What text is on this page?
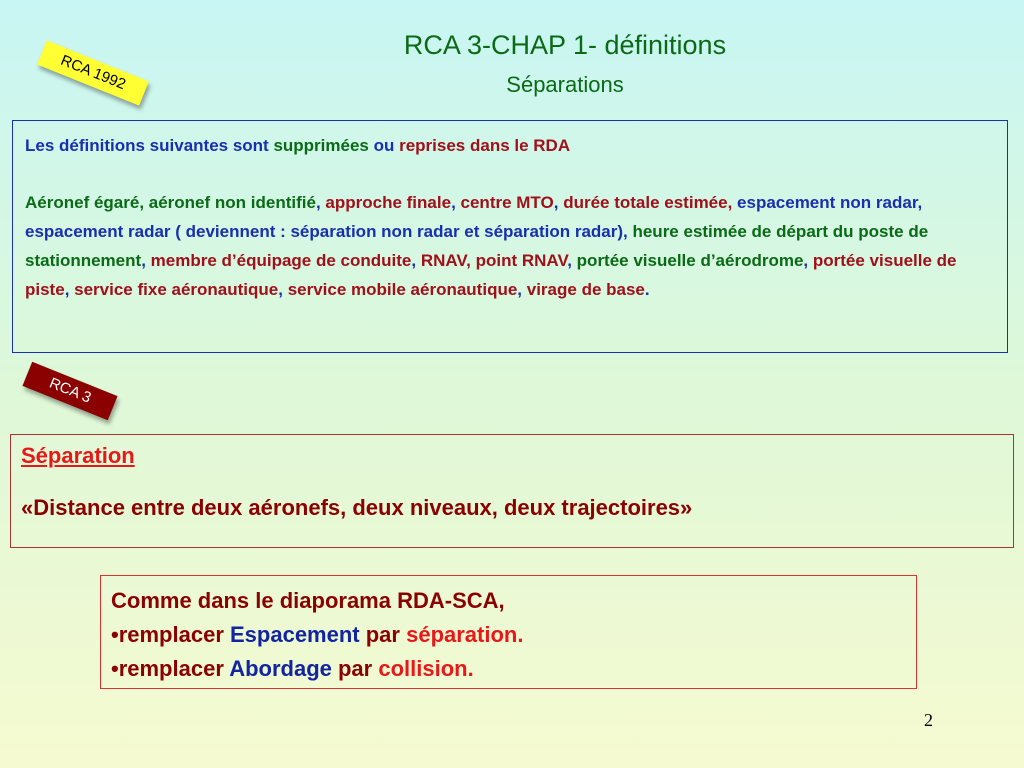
RCA 3-CHAP 1- définitions
Séparations
RCA 1992
Les définitions suivantes sont supprimées ou reprises dans le RDA
Aéronef égaré, aéronef non identifié, approche finale, centre MTO, durée totale estimée, espacement non radar, espacement radar ( deviennent : séparation non radar et séparation radar), heure estimée de départ du poste de stationnement, membre d’équipage de conduite, RNAV, point RNAV, portée visuelle d’aérodrome, portée visuelle de piste, service fixe aéronautique, service mobile aéronautique, virage de base.
RCA 3
Séparation
«Distance entre deux aéronefs, deux niveaux, deux trajectoires»
Comme dans le diaporama RDA-SCA,
•remplacer Espacement par séparation.
•remplacer Abordage par collision.
2
